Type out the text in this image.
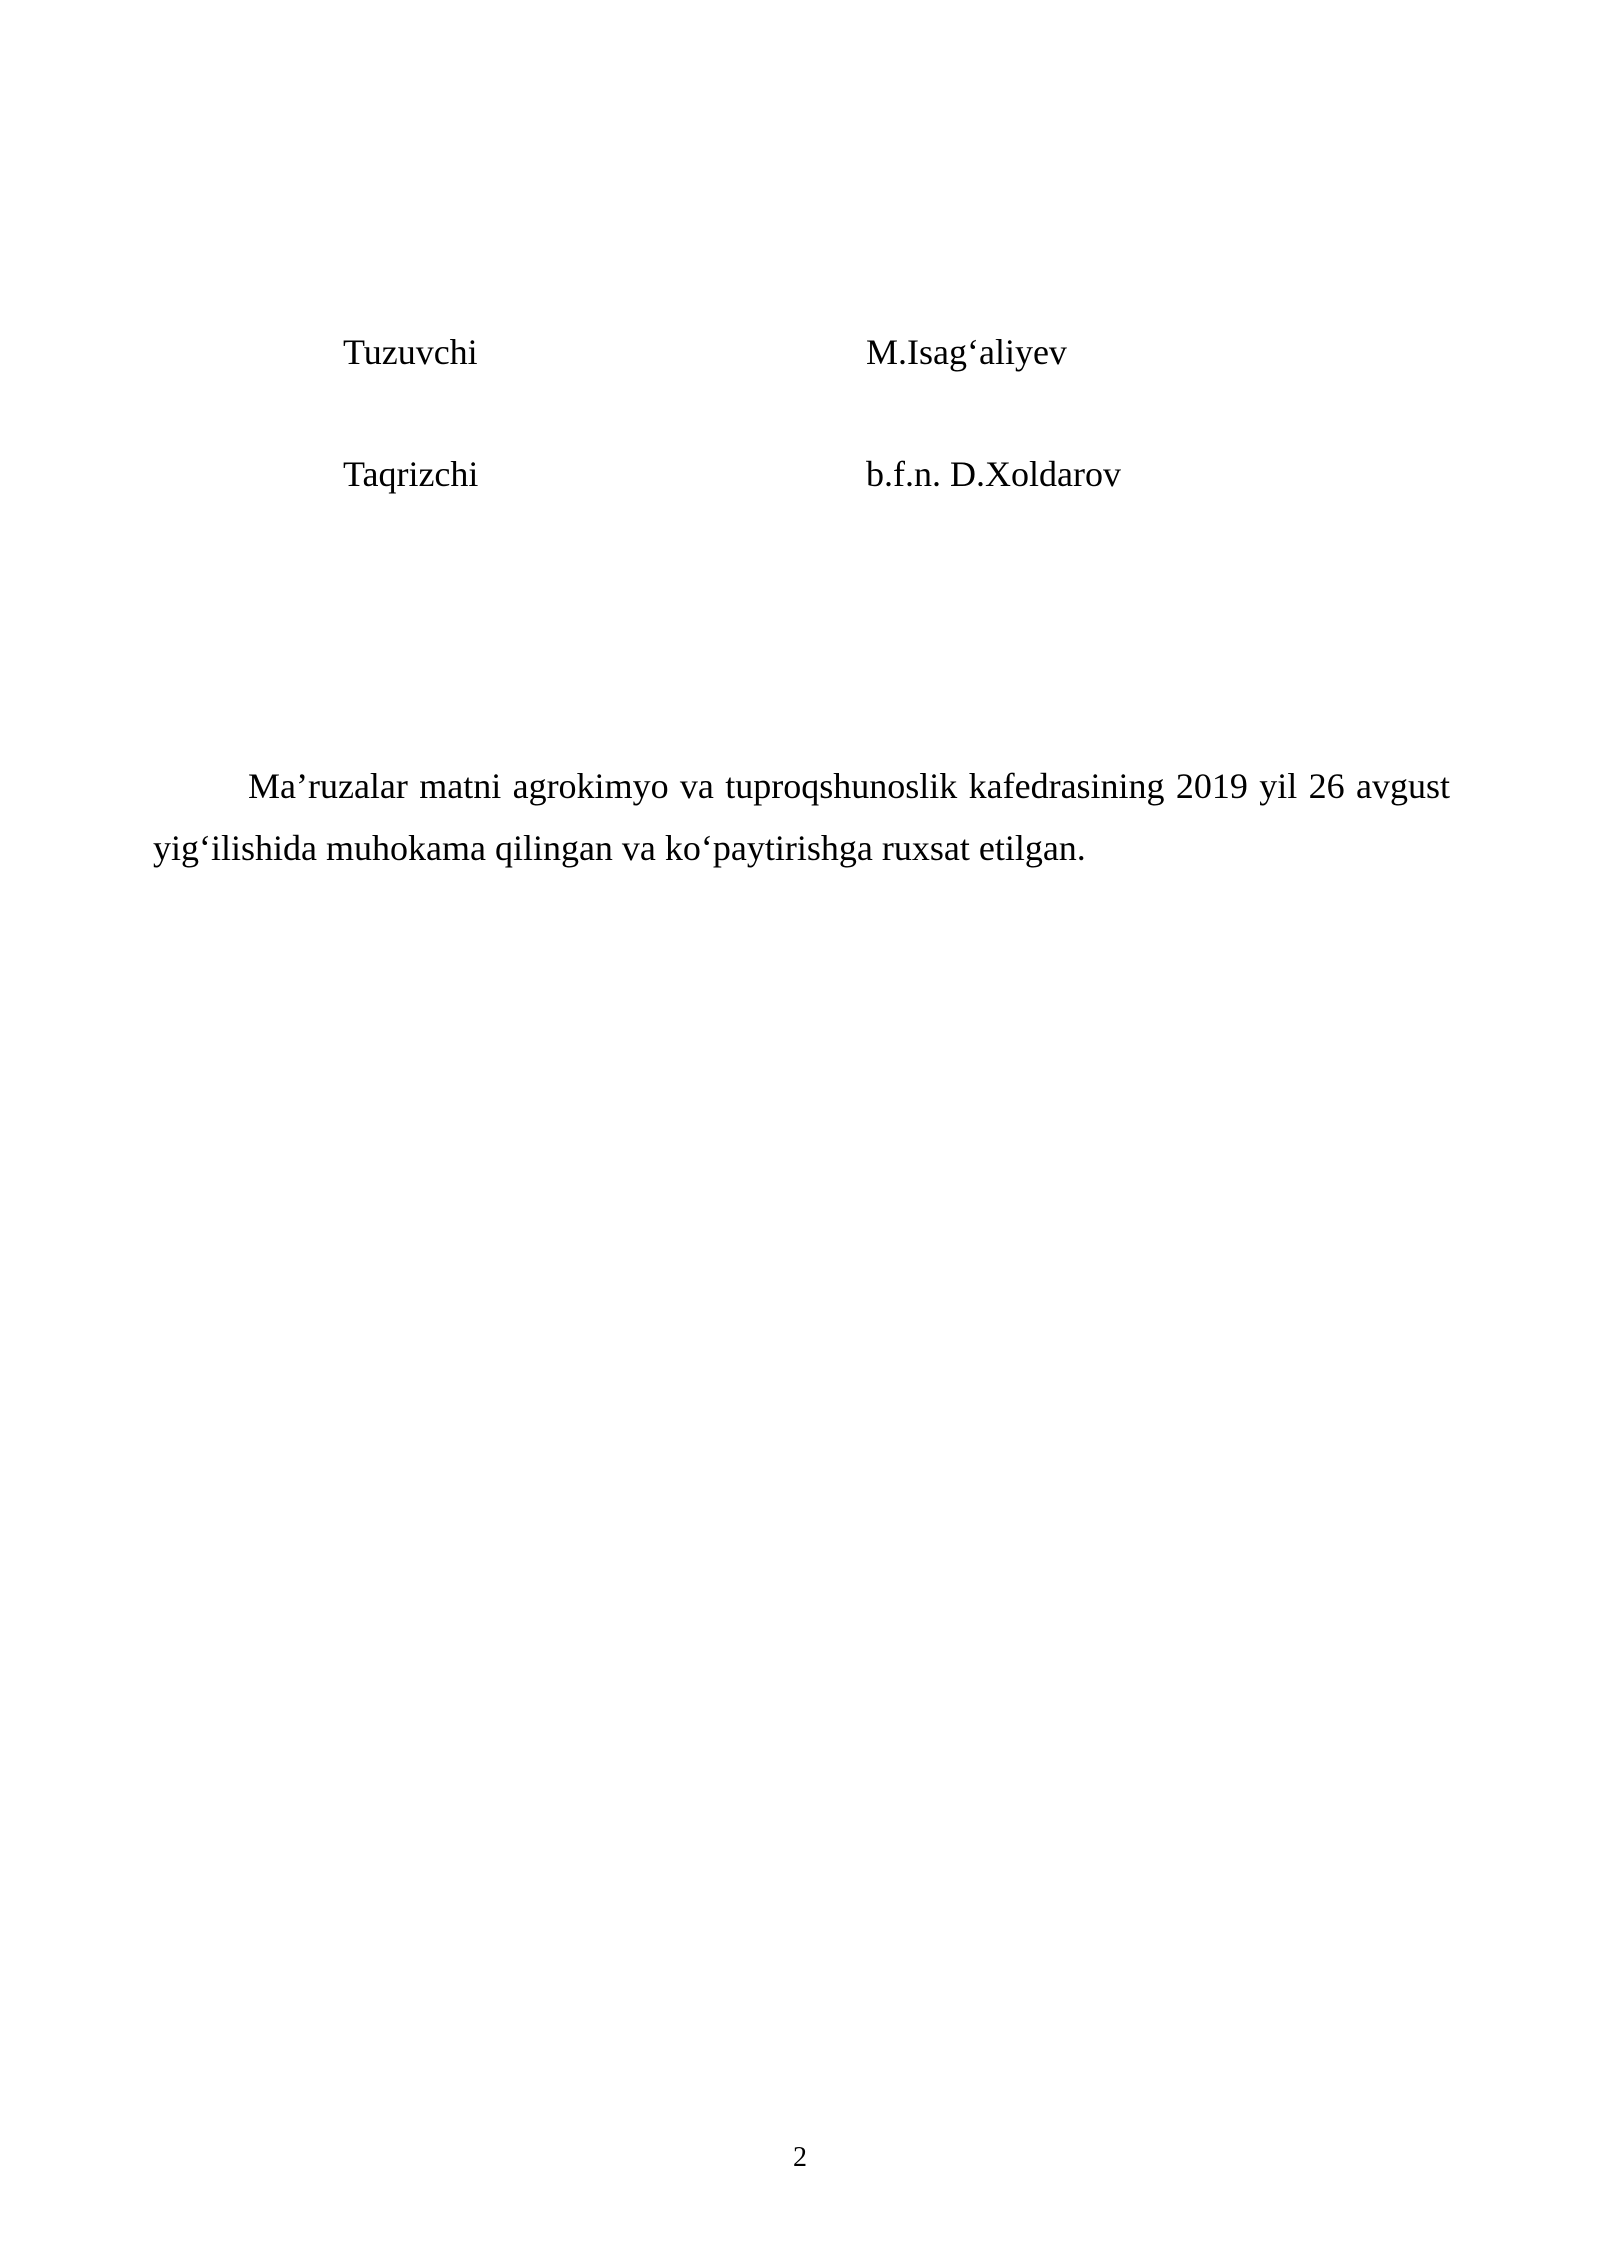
Tuzuvchi	M.Isag‘aliyev
Taqrizchi	b.f.n. D.Xoldarov

Ma’ruzalar matni agrokimyo va tuproqshunoslik kafedrasining 2019 yil 26 avgust yig‘ilishida muhokama qilingan va ko‘paytirishga ruxsat etilgan.

2
